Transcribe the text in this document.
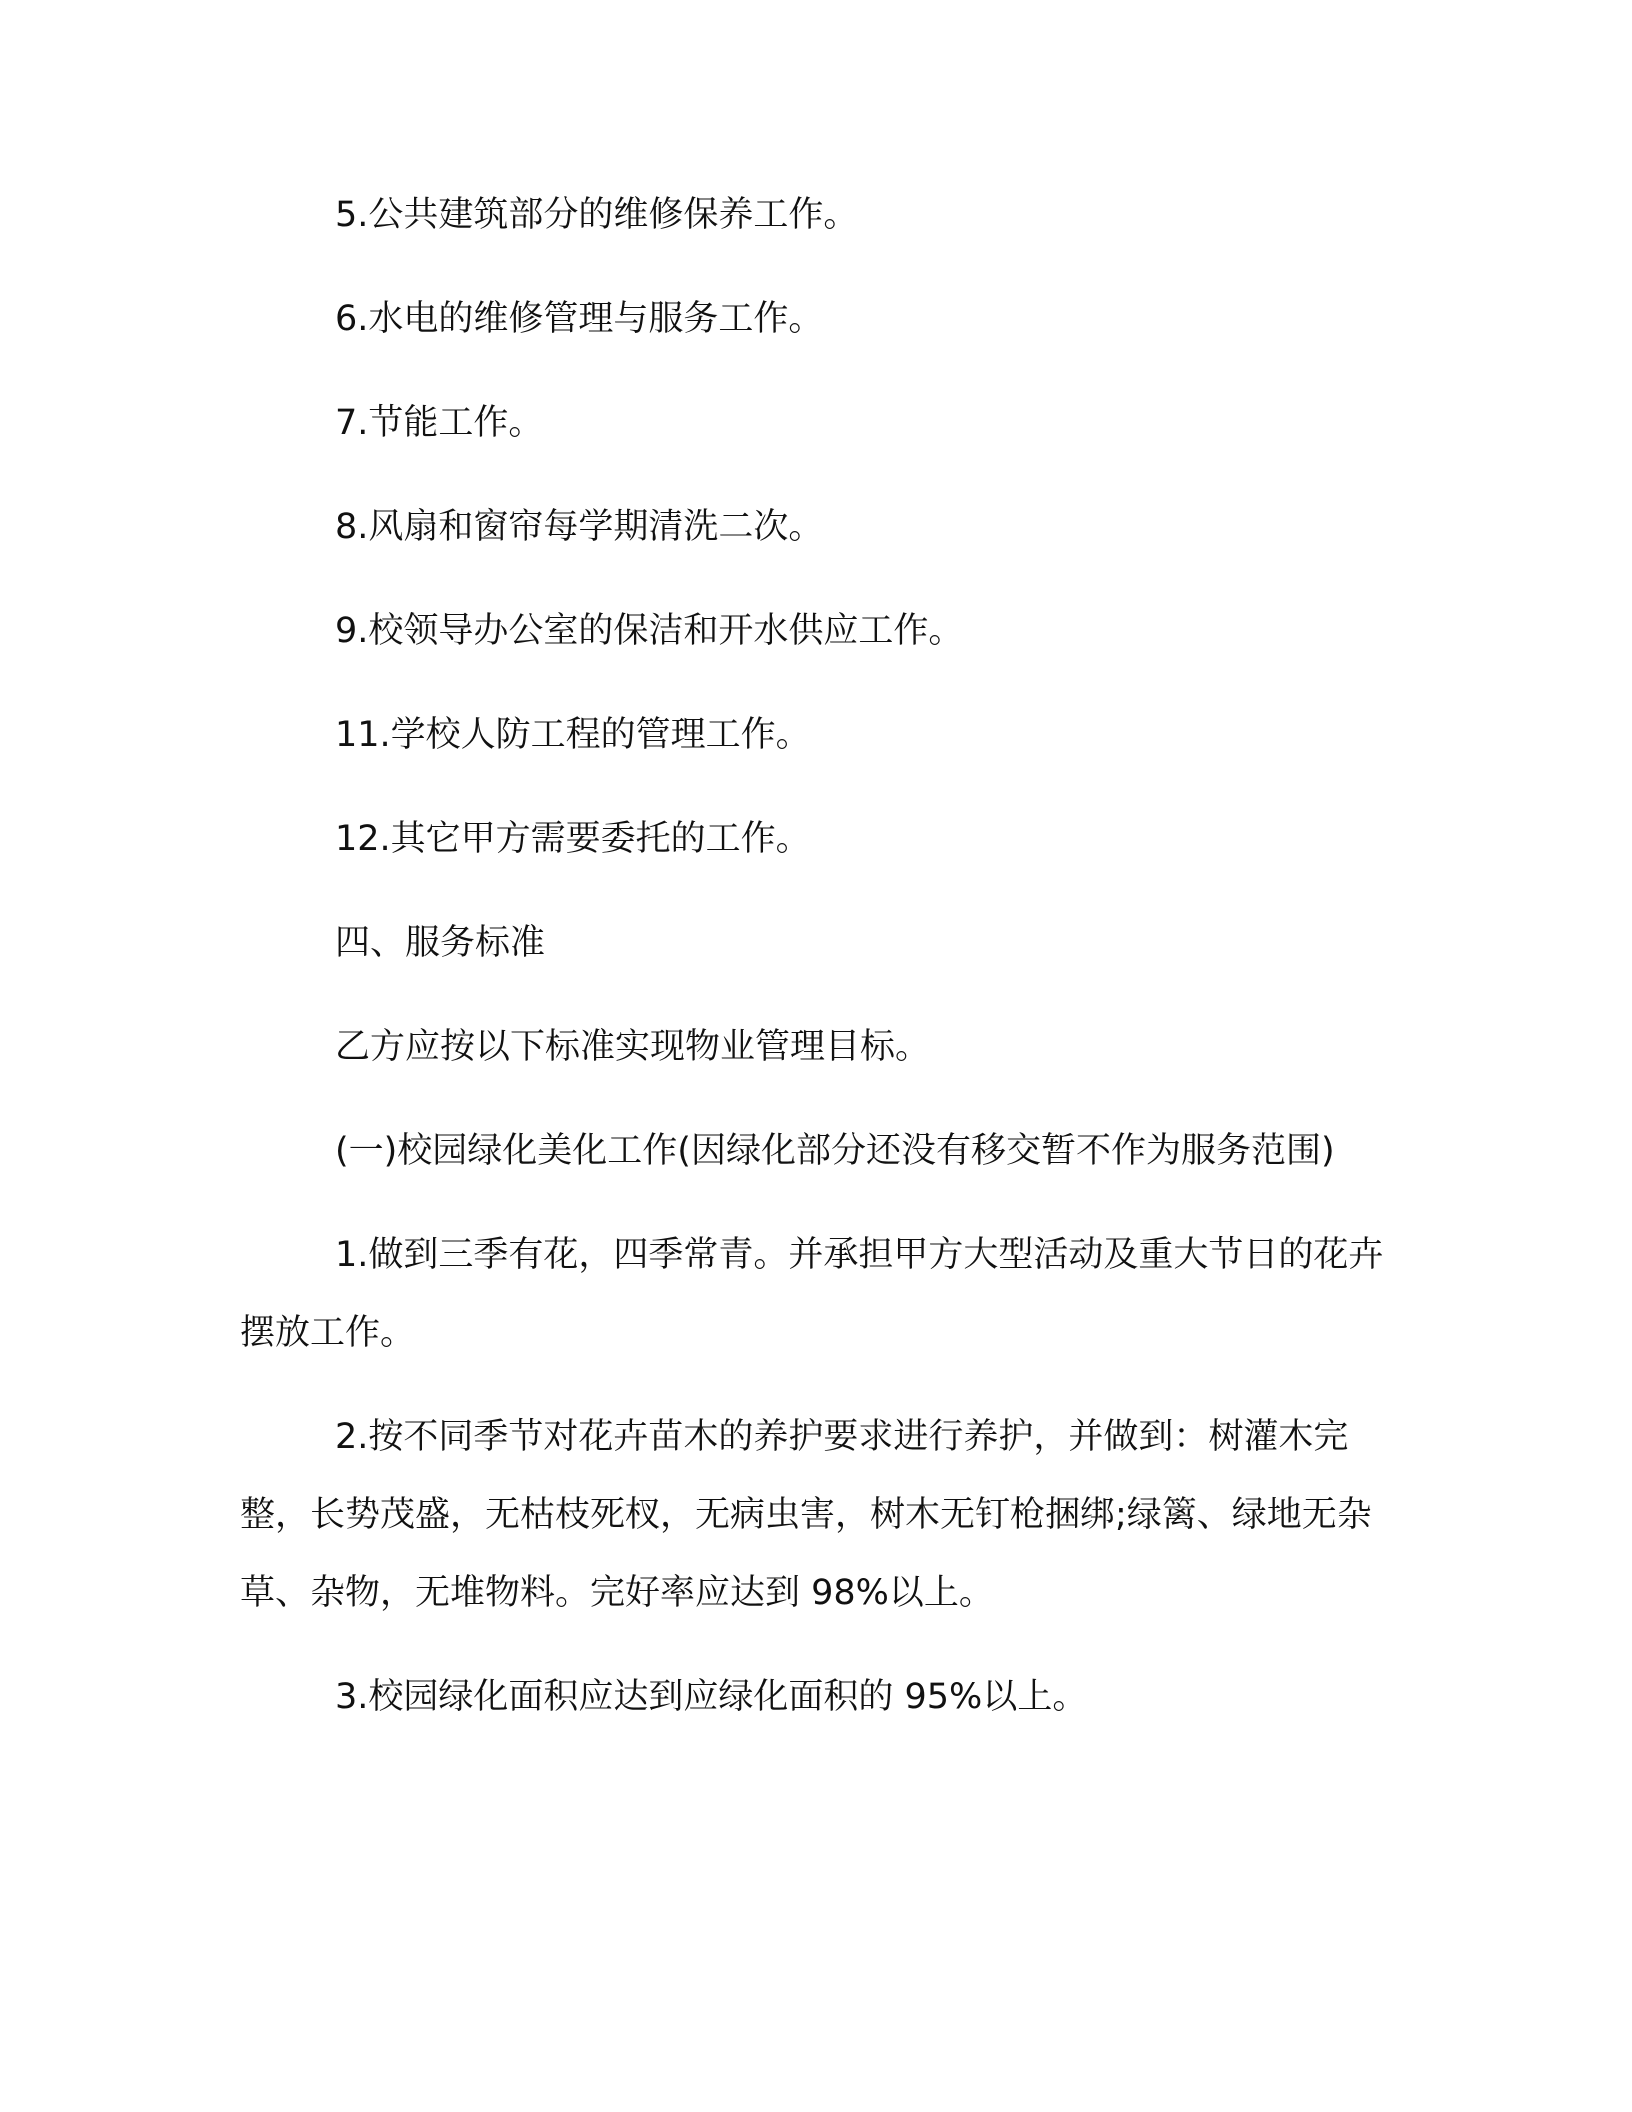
5.公共建筑部分的维修保养工作。

6.水电的维修管理与服务工作。

7.节能工作。

8.风扇和窗帘每学期清洗二次。

9.校领导办公室的保洁和开水供应工作。

11.学校人防工程的管理工作。

12.其它甲方需要委托的工作。

四、服务标准

乙方应按以下标准实现物业管理目标。

(一)校园绿化美化工作(因绿化部分还没有移交暂不作为服务范围)

1.做到三季有花，四季常青。并承担甲方大型活动及重大节日的花卉摆放工作。

2.按不同季节对花卉苗木的养护要求进行养护，并做到：树灌木完整，长势茂盛，无枯枝死杈，无病虫害，树木无钉枪捆绑;绿篱、绿地无杂草、杂物，无堆物料。完好率应达到 98%以上。

3.校园绿化面积应达到应绿化面积的 95%以上。
